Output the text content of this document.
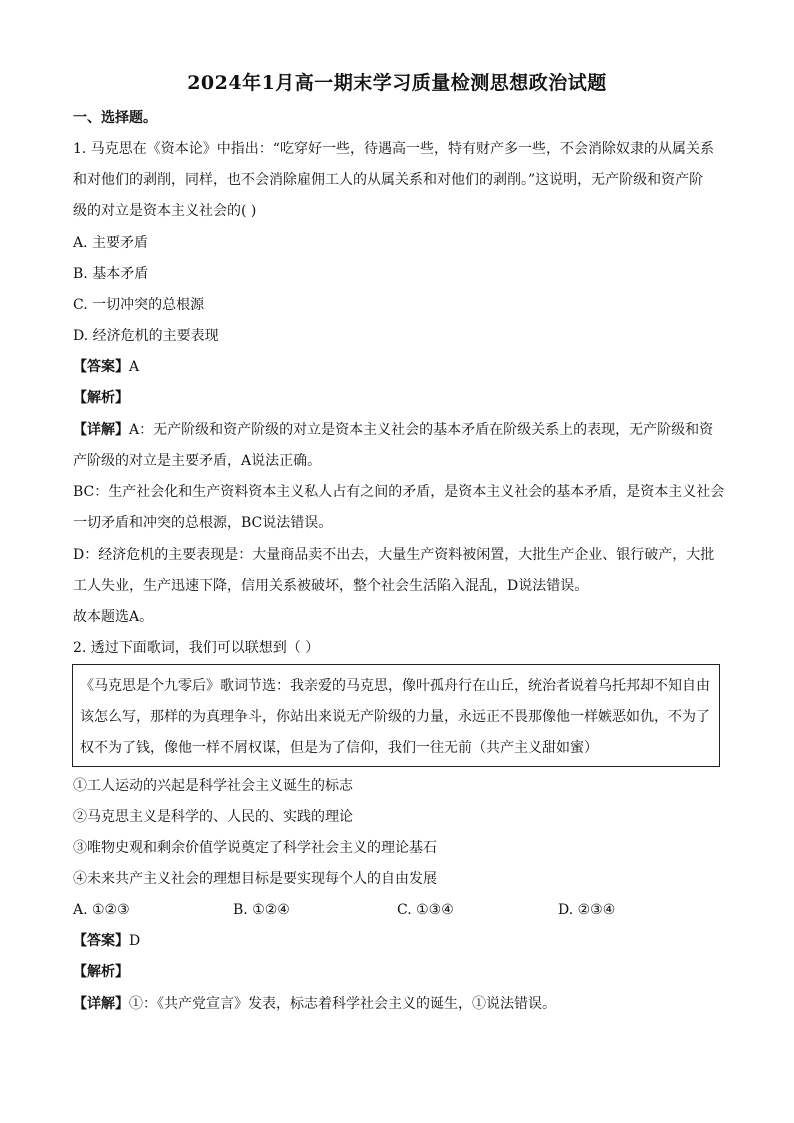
2024年1月高一期末学习质量检测思想政治试题
一、选择题。
1. 马克思在《资本论》中指出：“吃穿好一些，待遇高一些，特有财产多一些，不会消除奴隶的从属关系
和对他们的剥削，同样，也不会消除雇佣工人的从属关系和对他们的剥削。”这说明，无产阶级和资产阶
级的对立是资本主义社会的( )
A. 主要矛盾
B. 基本矛盾
C. 一切冲突的总根源
D. 经济危机的主要表现
【答案】A
【解析】
【详解】A：无产阶级和资产阶级的对立是资本主义社会的基本矛盾在阶级关系上的表现，无产阶级和资
产阶级的对立是主要矛盾，A说法正确。
BC：生产社会化和生产资料资本主义私人占有之间的矛盾，是资本主义社会的基本矛盾，是资本主义社会
一切矛盾和冲突的总根源，BC说法错误。
D：经济危机的主要表现是：大量商品卖不出去，大量生产资料被闲置，大批生产企业、银行破产，大批
工人失业，生产迅速下降，信用关系被破坏，整个社会生活陷入混乱，D说法错误。
故本题选A。
2. 透过下面歌词，我们可以联想到（ ）
《马克思是个九零后》歌词节选：我亲爱的马克思，像叶孤舟行在山丘，统治者说着乌托邦却不知自由
该怎么写，那样的为真理争斗，你站出来说无产阶级的力量，永远正不畏那像他一样嫉恶如仇，不为了
权不为了钱，像他一样不屑权谋，但是为了信仰，我们一往无前（共产主义甜如蜜）
①工人运动的兴起是科学社会主义诞生的标志
②马克思主义是科学的、人民的、实践的理论
③唯物史观和剩余价值学说奠定了科学社会主义的理论基石
④未来共产主义社会的理想目标是要实现每个人的自由发展
A. ①②③	B. ①②④	C. ①③④	D. ②③④
【答案】D
【解析】
【详解】①：《共产党宣言》发表，标志着科学社会主义的诞生，①说法错误。
